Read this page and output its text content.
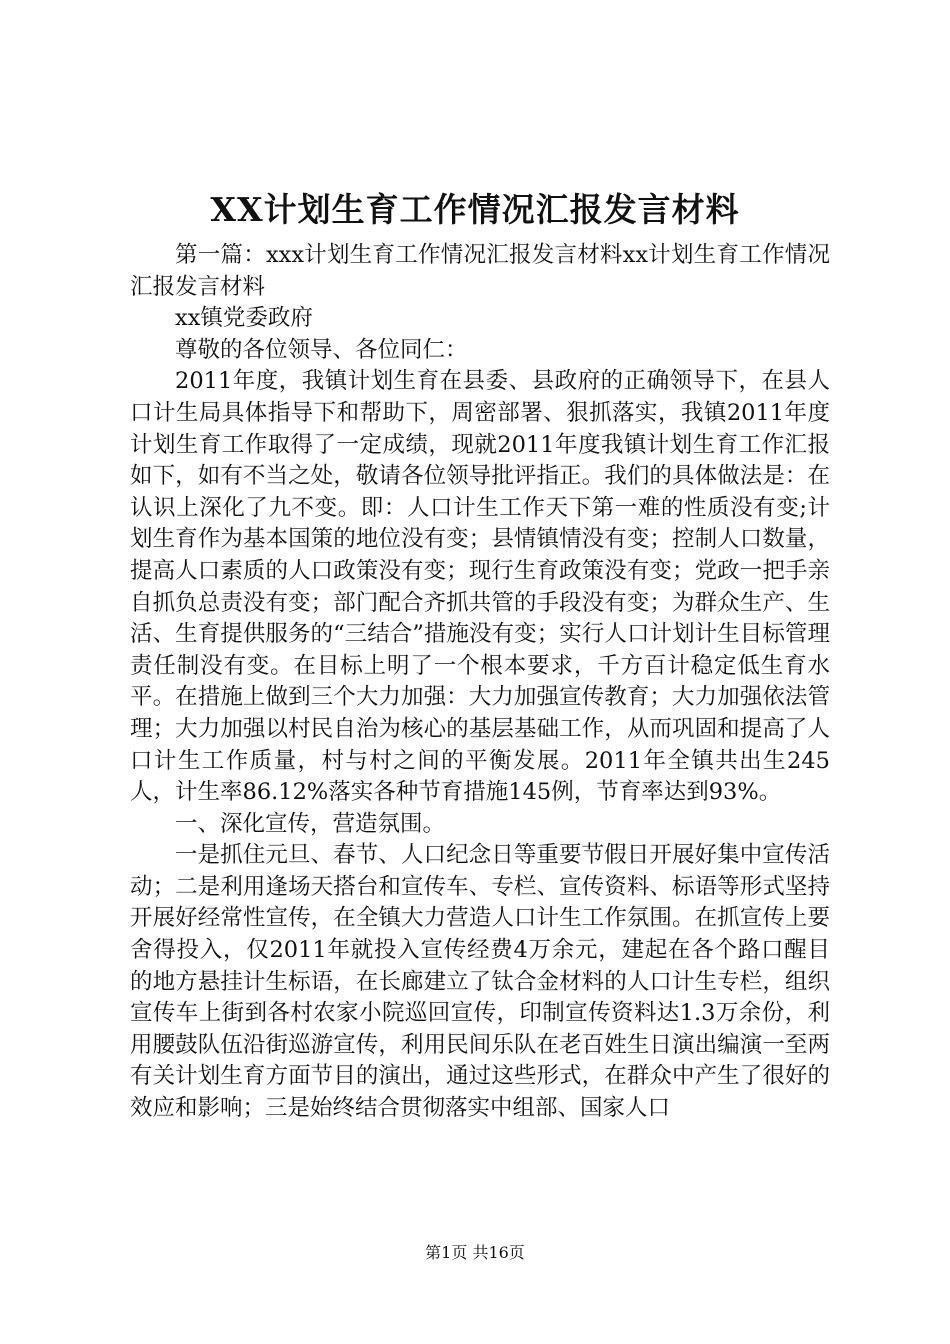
XX计划生育工作情况汇报发言材料

第一篇：xxx计划生育工作情况汇报发言材料xx计划生育工作情况汇报发言材料

xx镇党委政府

尊敬的各位领导、各位同仁：

2011年度，我镇计划生育在县委、县政府的正确领导下，在县人口计生局具体指导下和帮助下，周密部署、狠抓落实，我镇2011年度计划生育工作取得了一定成绩，现就2011年度我镇计划生育工作汇报如下，如有不当之处，敬请各位领导批评指正。我们的具体做法是：在认识上深化了九不变。即：人口计生工作天下第一难的性质没有变;计划生育作为基本国策的地位没有变；县情镇情没有变；控制人口数量，提高人口素质的人口政策没有变；现行生育政策没有变；党政一把手亲自抓负总责没有变；部门配合齐抓共管的手段没有变；为群众生产、生活、生育提供服务的“三结合”措施没有变；实行人口计划计生目标管理责任制没有变。在目标上明了一个根本要求，千方百计稳定低生育水平。在措施上做到三个大力加强：大力加强宣传教育；大力加强依法管理；大力加强以村民自治为核心的基层基础工作，从而巩固和提高了人口计生工作质量，村与村之间的平衡发展。2011年全镇共出生245人，计生率86.12%落实各种节育措施145例，节育率达到93%。

一、深化宣传，营造氛围。

一是抓住元旦、春节、人口纪念日等重要节假日开展好集中宣传活动；二是利用逢场天搭台和宣传车、专栏、宣传资料、标语等形式坚持开展好经常性宣传，在全镇大力营造人口计生工作氛围。在抓宣传上要舍得投入，仅2011年就投入宣传经费4万余元，建起在各个路口醒目的地方悬挂计生标语，在长廊建立了钛合金材料的人口计生专栏，组织宣传车上街到各村农家小院巡回宣传，印制宣传资料达1.3万余份，利用腰鼓队伍沿街巡游宣传，利用民间乐队在老百姓生日演出编演一至两有关计划生育方面节目的演出，通过这些形式，在群众中产生了很好的效应和影响；三是始终结合贯彻落实中组部、国家人口

第1页 共16页
